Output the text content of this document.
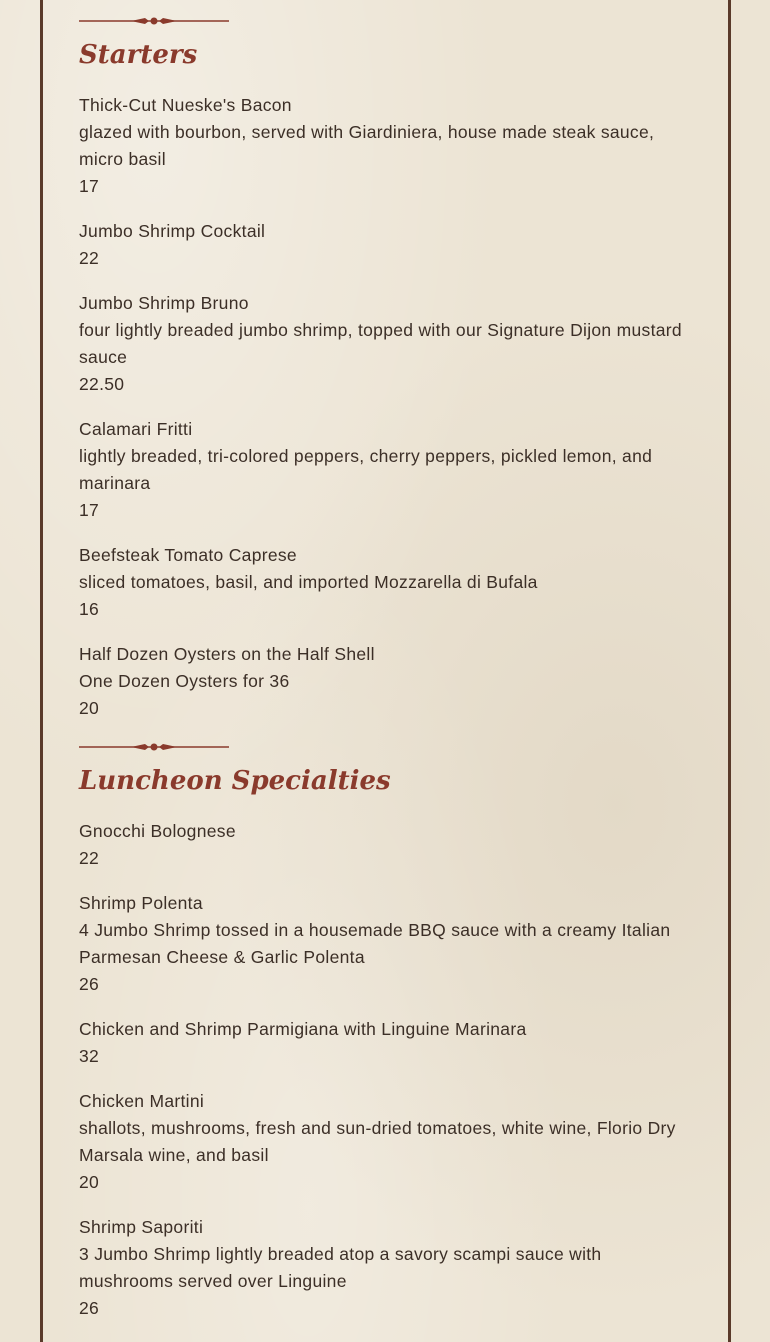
Starters
Thick-Cut Nueske's Bacon
glazed with bourbon, served with Giardiniera, house made steak sauce, micro basil
17
Jumbo Shrimp Cocktail
22
Jumbo Shrimp Bruno
four lightly breaded jumbo shrimp, topped with our Signature Dijon mustard sauce
22.50
Calamari Fritti
lightly breaded, tri-colored peppers, cherry peppers, pickled lemon, and marinara
17
Beefsteak Tomato Caprese
sliced tomatoes, basil, and imported Mozzarella di Bufala
16
Half Dozen Oysters on the Half Shell
One Dozen Oysters for 36
20
Luncheon Specialties
Gnocchi Bolognese
22
Shrimp Polenta
4 Jumbo Shrimp tossed in a housemade BBQ sauce with a creamy Italian Parmesan Cheese & Garlic Polenta
26
Chicken and Shrimp Parmigiana with Linguine Marinara
32
Chicken Martini
shallots, mushrooms, fresh and sun-dried tomatoes, white wine, Florio Dry Marsala wine, and basil
20
Shrimp Saporiti
3 Jumbo Shrimp lightly breaded atop a savory scampi sauce with mushrooms served over Linguine
26
